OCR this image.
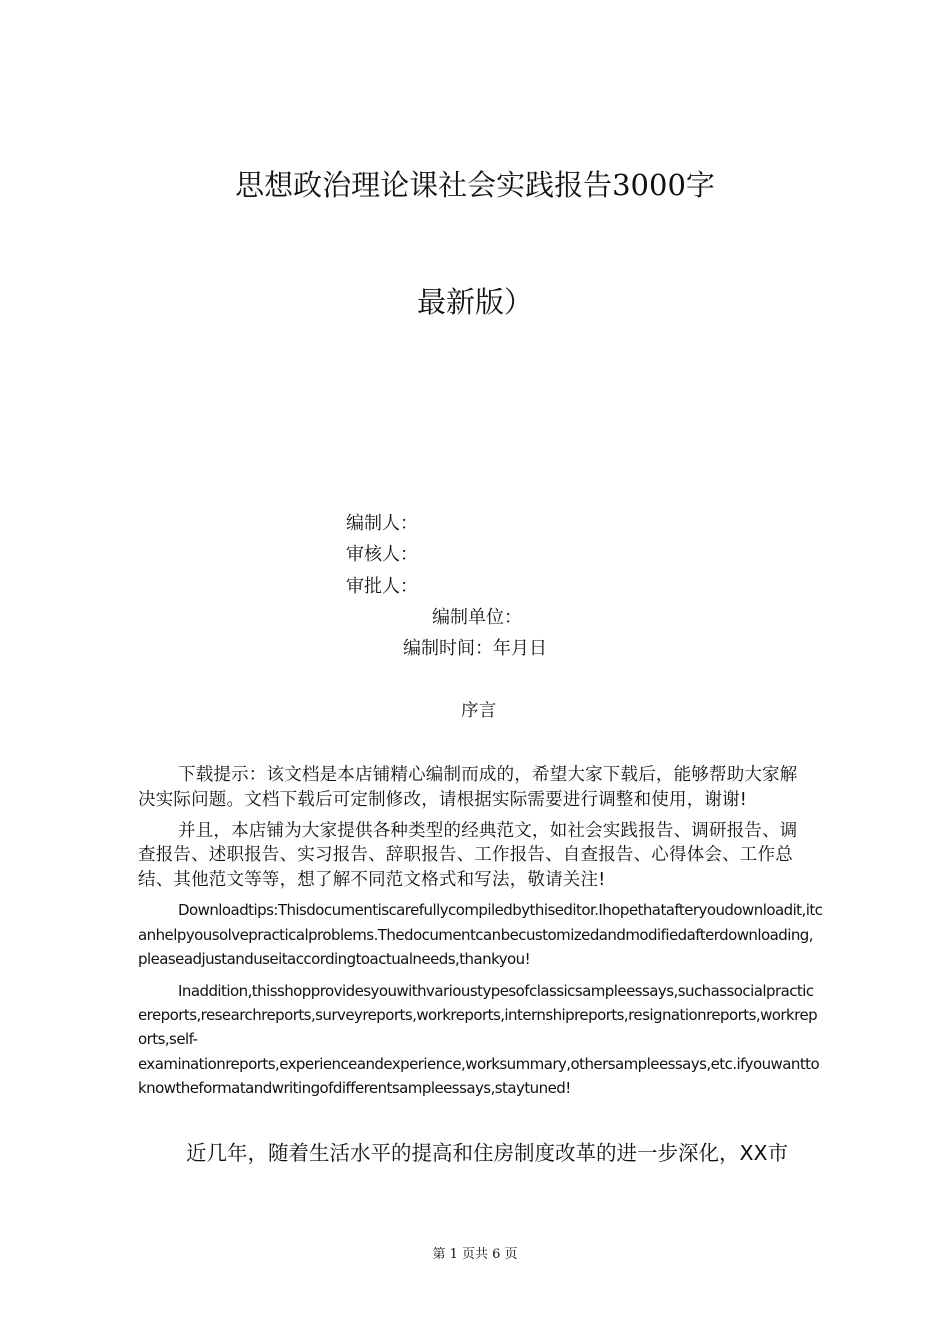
思想政治理论课社会实践报告3000字
最新版）
编制人：
审核人：
审批人：
编制单位：
编制时间：年月日
序言
下载提示：该文档是本店铺精心编制而成的，希望大家下载后，能够帮助大家解
决实际问题。文档下载后可定制修改，请根据实际需要进行调整和使用，谢谢!
并且，本店铺为大家提供各种类型的经典范文，如社会实践报告、调研报告、调
查报告、述职报告、实习报告、辞职报告、工作报告、自查报告、心得体会、工作总
结、其他范文等等，想了解不同范文格式和写法，敬请关注!
Downloadtips:Thisdocumentiscarefullycompiledbythiseditor.Ihopethatafteryoudownloadit,itc
anhelpyousolvepracticalproblems.Thedocumentcanbecustomizedandmodifiedafterdownloading,
pleaseadjustanduseitaccordingtoactualneeds,thankyou!
Inaddition,thisshopprovidesyouwithvarioustypesofclassicsampleessays,suchassocialpractic
ereports,researchreports,surveyreports,workreports,internshipreports,resignationreports,workrep
orts,self-
examinationreports,experienceandexperience,worksummary,othersampleessays,etc.ifyouwantto
knowtheformatandwritingofdifferentsampleessays,staytuned!
近几年，随着生活水平的提高和住房制度改革的进一步深化，XX市
第 1 页共 6 页
